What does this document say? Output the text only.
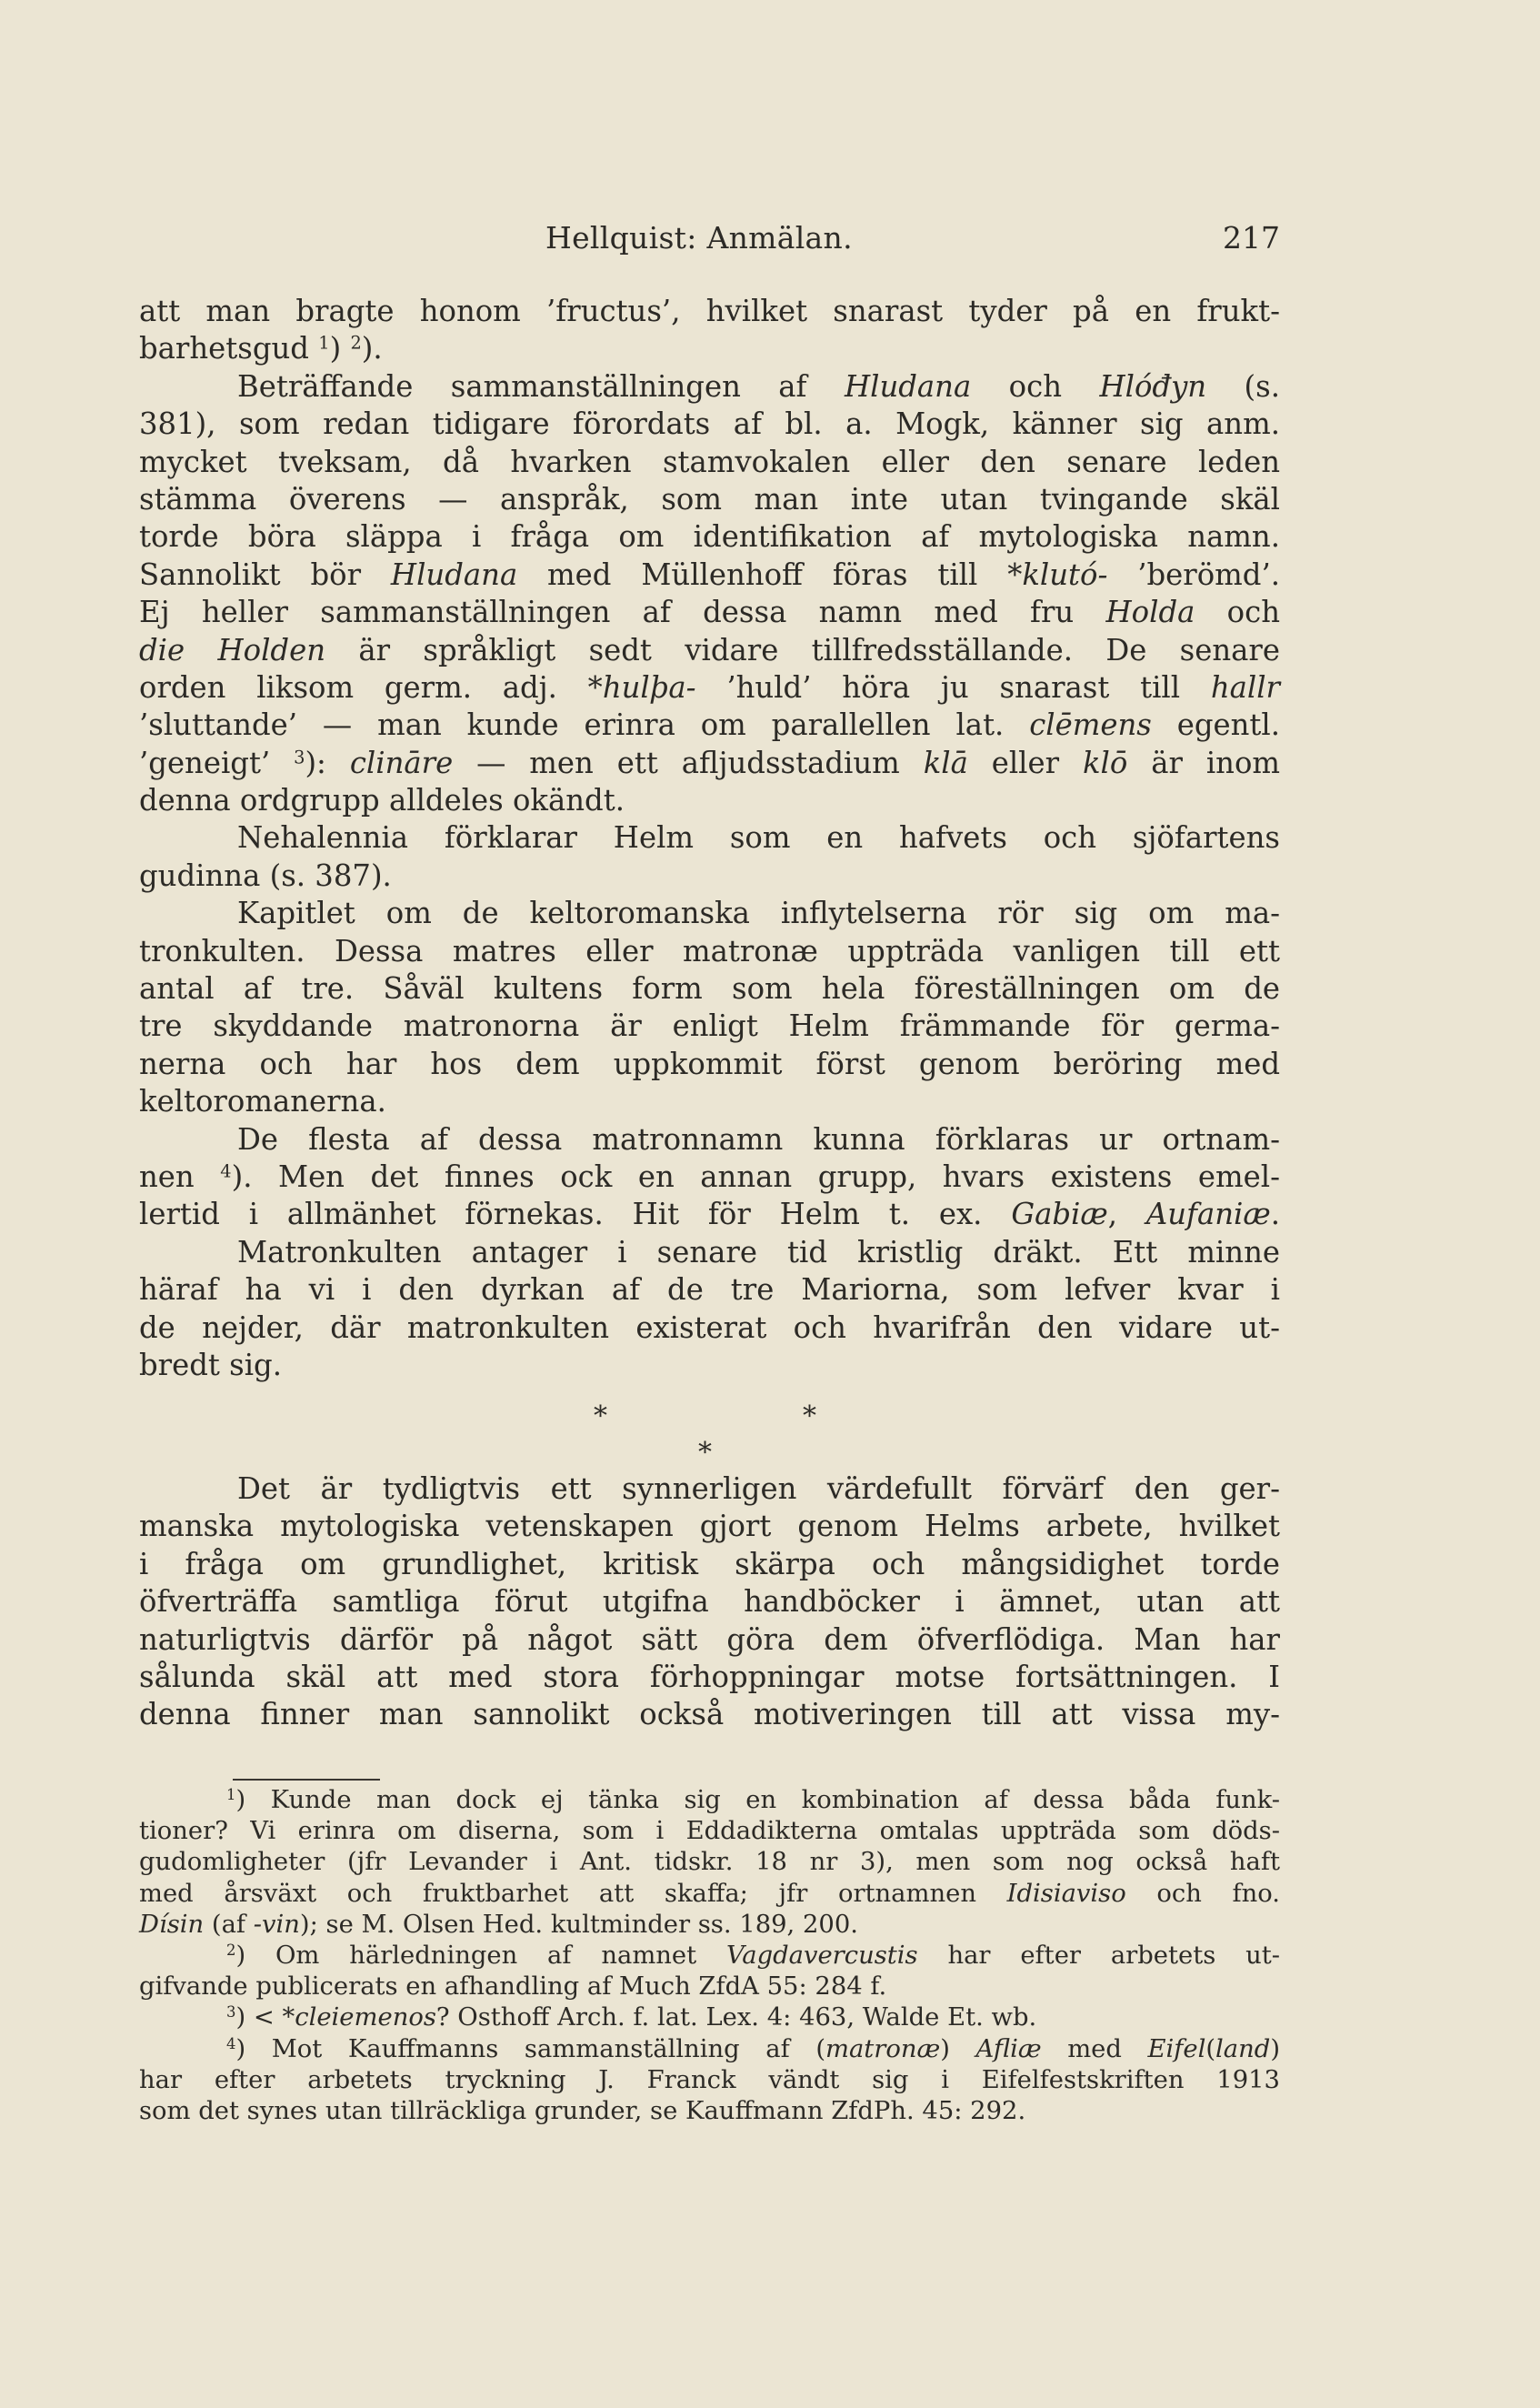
Hellquist: Anmälan.	217
att man bragte honom ’fructus’, hvilket snarast tyder på en frukt-
barhetsgud $^1$) $^2$).
Beträffande sammanställningen af Hludana och Hlóđyn (s.
381), som redan tidigare förordats af bl. a. Mogk, känner sig anm.
mycket tveksam, då hvarken stamvokalen eller den senare leden
stämma överens — anspråk, som man inte utan tvingande skäl
torde böra släppa i fråga om identifikation af mytologiska namn.
Sannolikt bör Hludana med Müllenhoff föras till *klutó- ’berömd’.
Ej heller sammanställningen af dessa namn med fru Holda och
die Holden är språkligt sedt vidare tillfredsställande. De senare
orden liksom germ. adj. *hulþa- ’huld’ höra ju snarast till hallr
’sluttande’ — man kunde erinra om parallellen lat. clēmens egentl.
’geneigt’ $^3$): clināre — men ett afljudsstadium klā eller klō är inom
denna ordgrupp alldeles okändt.
Nehalennia förklarar Helm som en hafvets och sjöfartens
gudinna (s. 387).
Kapitlet om de keltoromanska inflytelserna rör sig om ma-
tronkulten. Dessa matres eller matronæ uppträda vanligen till ett
antal af tre. Såväl kultens form som hela föreställningen om de
tre skyddande matronorna är enligt Helm främmande för germa-
nerna och har hos dem uppkommit först genom beröring med
keltoromanerna.
De flesta af dessa matronnamn kunna förklaras ur ortnam-
nen $^4$). Men det finnes ock en annan grupp, hvars existens emel-
lertid i allmänhet förnekas. Hit för Helm t. ex. Gabiæ, Aufaniæ.
Matronkulten antager i senare tid kristlig dräkt. Ett minne
häraf ha vi i den dyrkan af de tre Mariorna, som lefver kvar i
de nejder, där matronkulten existerat och hvarifrån den vidare ut-
bredt sig.
*	*
*
Det är tydligtvis ett synnerligen värdefullt förvärf den ger-
manska mytologiska vetenskapen gjort genom Helms arbete, hvilket
i fråga om grundlighet, kritisk skärpa och mångsidighet torde
öfverträffa samtliga förut utgifna handböcker i ämnet, utan att
naturligtvis därför på något sätt göra dem öfverflödiga. Man har
sålunda skäl att med stora förhoppningar motse fortsättningen. I
denna finner man sannolikt också motiveringen till att vissa my-
$^1$) Kunde man dock ej tänka sig en kombination af dessa båda funk-
tioner? Vi erinra om diserna, som i Eddadikterna omtalas uppträda som döds-
gudomligheter (jfr Levander i Ant. tidskr. 18 nr 3), men som nog också haft
med årsväxt och fruktbarhet att skaffa; jfr ortnamnen Idisiaviso och fno.
Dísin (af -vin); se M. Olsen Hed. kultminder ss. 189, 200.
$^2$) Om härledningen af namnet Vagdavercustis har efter arbetets ut-
gifvande publicerats en afhandling af Much ZfdA 55: 284 f.
$^3$) < *cleiemenos? Osthoff Arch. f. lat. Lex. 4: 463, Walde Et. wb.
$^4$) Mot Kauffmanns sammanställning af (matronæ) Afliæ med Eifel(land)
har efter arbetets tryckning J. Franck vändt sig i Eifelfestskriften 1913
som det synes utan tillräckliga grunder, se Kauffmann ZfdPh. 45: 292.
